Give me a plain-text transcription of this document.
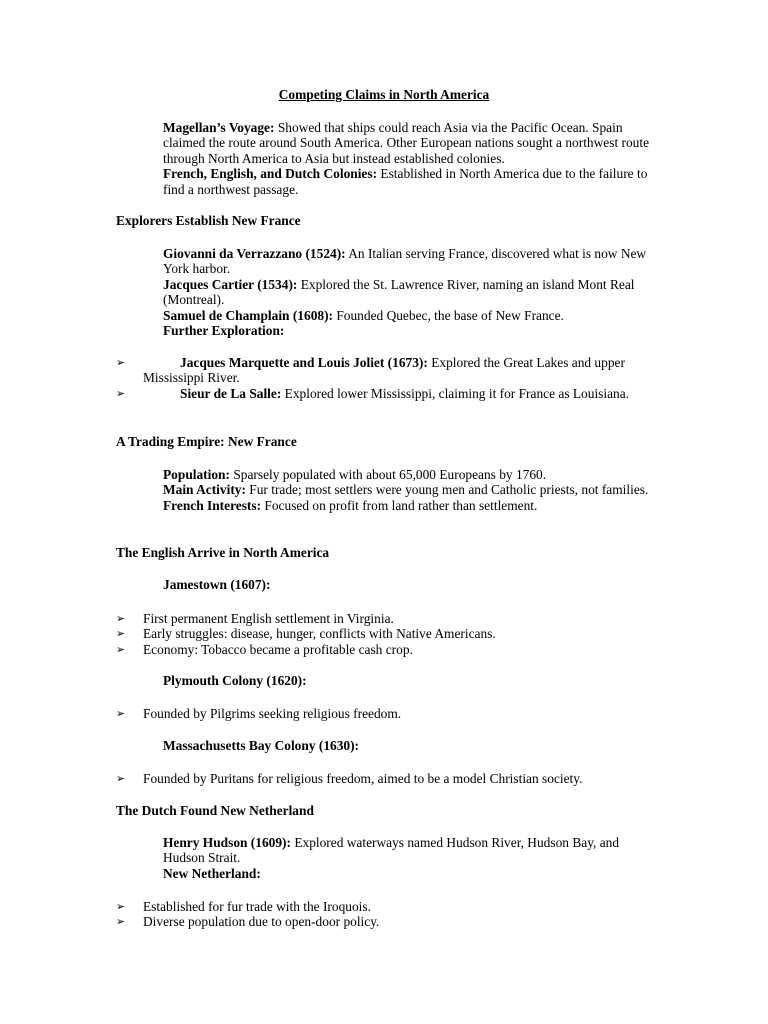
Competing Claims in North America

Magellan’s Voyage: Showed that ships could reach Asia via the Pacific Ocean. Spain claimed the route around South America. Other European nations sought a northwest route through North America to Asia but instead established colonies.
French, English, and Dutch Colonies: Established in North America due to the failure to find a northwest passage.

Explorers Establish New France

Giovanni da Verrazzano (1524): An Italian serving France, discovered what is now New York harbor.
Jacques Cartier (1534): Explored the St. Lawrence River, naming an island Mont Real (Montreal).
Samuel de Champlain (1608): Founded Quebec, the base of New France.
Further Exploration:

➢	Jacques Marquette and Louis Joliet (1673): Explored the Great Lakes and upper Mississippi River.
➢	Sieur de La Salle: Explored lower Mississippi, claiming it for France as Louisiana.
A Trading Empire: New France

Population: Sparsely populated with about 65,000 Europeans by 1760.
Main Activity: Fur trade; most settlers were young men and Catholic priests, not families.
French Interests: Focused on profit from land rather than settlement.

The English Arrive in North America

Jamestown (1607):

➢ First permanent English settlement in Virginia.
➢ Early struggles: disease, hunger, conflicts with Native Americans.
➢ Economy: Tobacco became a profitable cash crop.

Plymouth Colony (1620):

➢ Founded by Pilgrims seeking religious freedom.

Massachusetts Bay Colony (1630):

➢ Founded by Puritans for religious freedom, aimed to be a model Christian society.
The Dutch Found New Netherland

Henry Hudson (1609): Explored waterways named Hudson River, Hudson Bay, and Hudson Strait.
New Netherland:

➢ Established for fur trade with the Iroquois.
➢ Diverse population due to open-door policy.
